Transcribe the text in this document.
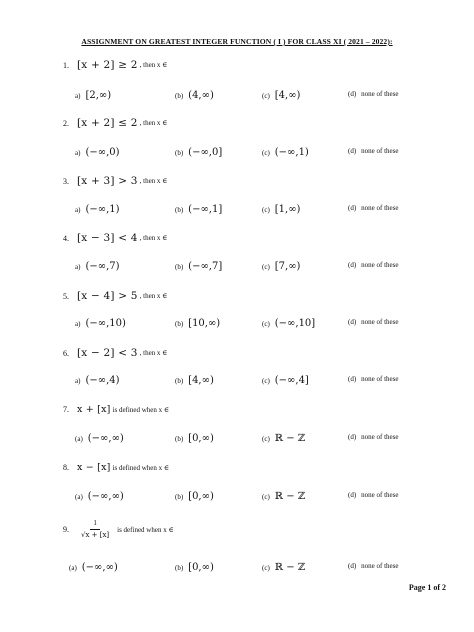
ASSIGNMENT ON GREATEST INTEGER FUNCTION ( I ) FOR CLASS XI ( 2021 – 2022):
1. [x + 2] ≥ 2 , then x ∈
a) [2,∞)	(b) (4,∞)	(c) [4,∞)	(d) none of these
2. [x + 2] ≤ 2 , then x ∈
a) (−∞,0)	(b) (−∞,0]	(c) (−∞,1)	(d) none of these
3. [x + 3] > 3 , then x ∈
a) (−∞,1)	(b) (−∞,1]	(c) [1,∞)	(d) none of these
4. [x − 3] < 4 , then x ∈
a) (−∞,7)	(b) (−∞,7]	(c) [7,∞)	(d) none of these
5. [x − 4] > 5 , then x ∈
a) (−∞,10)	(b) [10,∞)	(c) (−∞,10]	(d) none of these
6. [x − 2] < 3 , then x ∈
a) (−∞,4)	(b) [4,∞)	(c) (−∞,4]	(d) none of these
7. x + [x] is defined when x ∈
(a) (−∞,∞)	(b) [0,∞)	(c) ℝ − ℤ	(d) none of these
8. x − [x] is defined when x ∈
(a) (−∞,∞)	(b) [0,∞)	(c) ℝ − ℤ	(d) none of these
9.	$\frac{1}{√x + [x]}$ is defined when x ∈
(a) (−∞,∞)	(b) [0,∞)	(c) ℝ − ℤ	(d) none of these
Page 1 of 2
